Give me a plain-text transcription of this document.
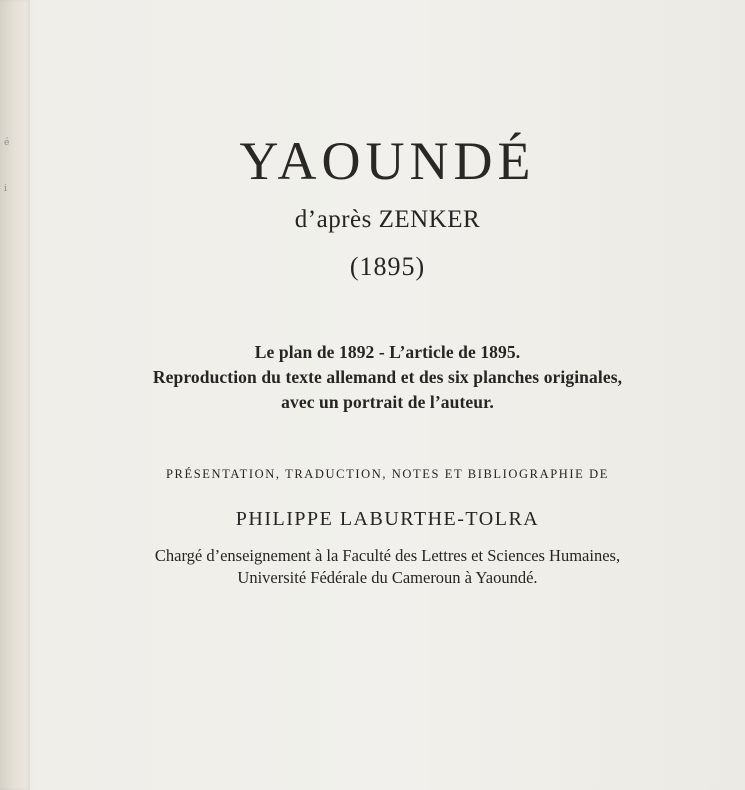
é
i	YAOUNDÉ
d’après ZENKER
(1895)
Le plan de 1892 - L’article de 1895.
Reproduction du texte allemand et des six planches originales,
avec un portrait de l’auteur.
PRÉSENTATION, TRADUCTION, NOTES ET BIBLIOGRAPHIE DE
PHILIPPE LABURTHE-TOLRA
Chargé d’enseignement à la Faculté des Lettres et Sciences Humaines,
Université Fédérale du Cameroun à Yaoundé.
